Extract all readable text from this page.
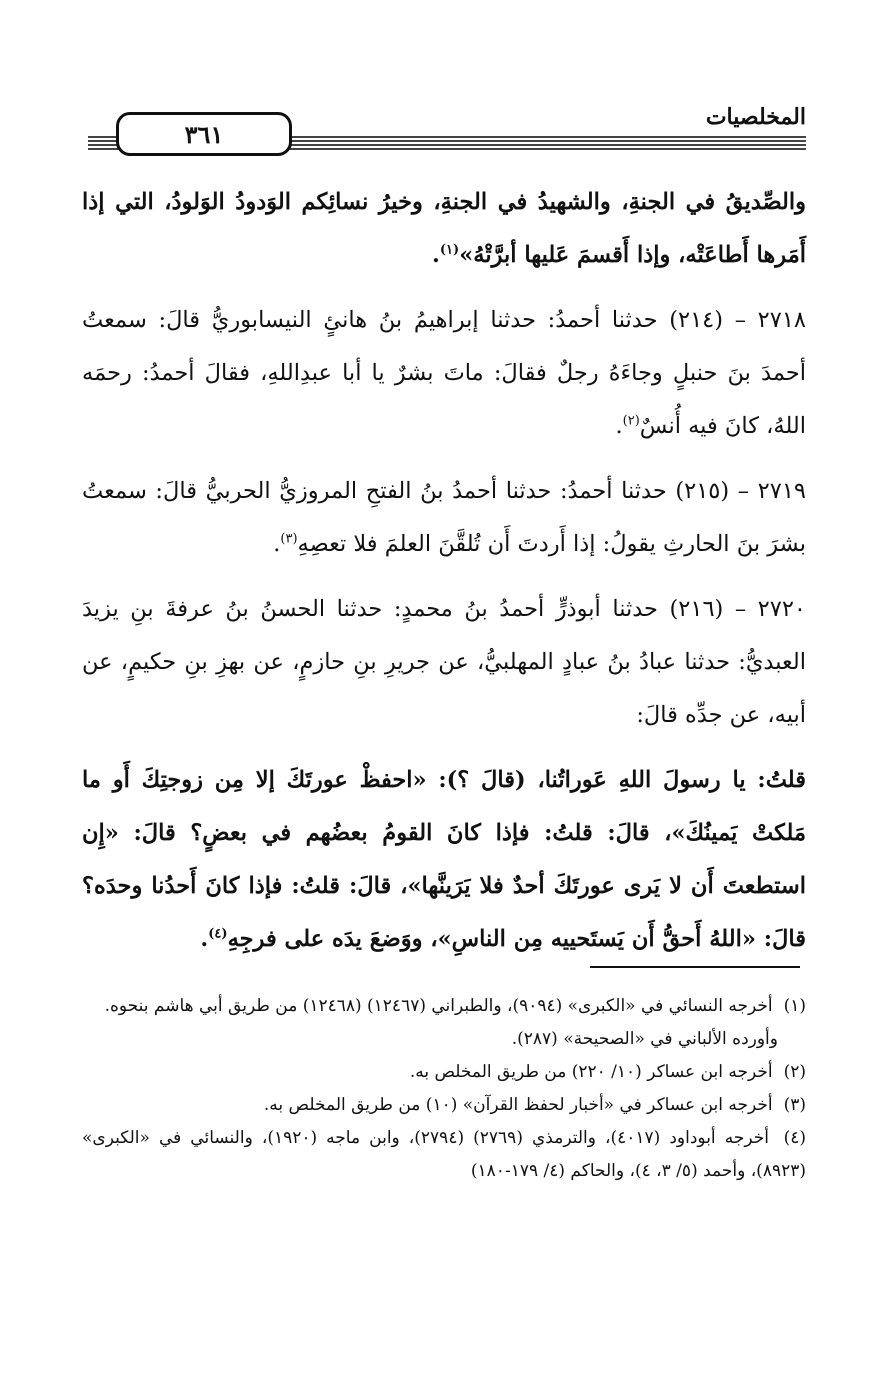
المخلصيات
٣٦١

والصِّديقُ في الجنةِ، والشهيدُ في الجنةِ، وخيرُ نسائِكم الوَدودُ الوَلودُ، التي إذا أَمَرها أَطاعَتْه، وإذا أَقسمَ عَليها أبرَّتْهُ»$^{(١)}$.

٢٧١٨ – (٢١٤) حدثنا أحمدُ: حدثنا إبراهيمُ بنُ هانئٍ النيسابوريُّ قالَ: سمعتُ أحمدَ بنَ حنبلٍ وجاءَهُ رجلٌ فقالَ: ماتَ بشرٌ يا أبا عبدِاللهِ، فقالَ أحمدُ: رحمَه اللهُ، كانَ فيه أُنسٌ$^{(٢)}$.

٢٧١٩ – (٢١٥) حدثنا أحمدُ: حدثنا أحمدُ بنُ الفتحِ المروزيُّ الحربيُّ قالَ: سمعتُ بشرَ بنَ الحارثِ يقولُ: إذا أَردتَ أَن تُلقَّنَ العلمَ فلا تعصِهِ$^{(٣)}$.

٢٧٢٠ – (٢١٦) حدثنا أبوذرٍّ أحمدُ بنُ محمدٍ: حدثنا الحسنُ بنُ عرفةَ بنِ يزيدَ العبديُّ: حدثنا عبادُ بنُ عبادٍ المهلبيُّ، عن جريرِ بنِ حازمٍ، عن بهزِ بنِ حكيمٍ، عن أبيه، عن جدِّه قالَ:

قلتُ: يا رسولَ اللهِ عَوراتُنا، (قالَ ؟): «احفظْ عورتَكَ إلا مِن زوجتِكَ أَو ما مَلكتْ يَمينُكَ»، قالَ: قلتُ: فإذا كانَ القومُ بعضُهم في بعضٍ؟ قالَ: «إِن استطعتَ أَن لا يَرى عورتَكَ أحدٌ فلا يَرَينَّها»، قالَ: قلتُ: فإذا كانَ أَحدُنا وحدَه؟ قالَ: «اللهُ أَحقُّ أَن يَستَحييه مِن الناسِ»، ووَضعَ يدَه على فرجِهِ$^{(٤)}$.

(١) أخرجه النسائي في «الكبرى» (٩٠٩٤)، والطبراني (١٢٤٦٧) (١٢٤٦٨) من طريق أبي هاشم بنحوه.
وأورده الألباني في «الصحيحة» (٢٨٧).
(٢) أخرجه ابن عساكر (١٠/ ٢٢٠) من طريق المخلص به.
(٣) أخرجه ابن عساكر في «أخبار لحفظ القرآن» (١٠) من طريق المخلص به.
(٤) أخرجه أبوداود (٤٠١٧)، والترمذي (٢٧٦٩) (٢٧٩٤)، وابن ماجه (١٩٢٠)، والنسائي في «الكبرى» (٨٩٢٣)، وأحمد (٥/ ٣، ٤)، والحاكم (٤/ ١٧٩-١٨٠)
